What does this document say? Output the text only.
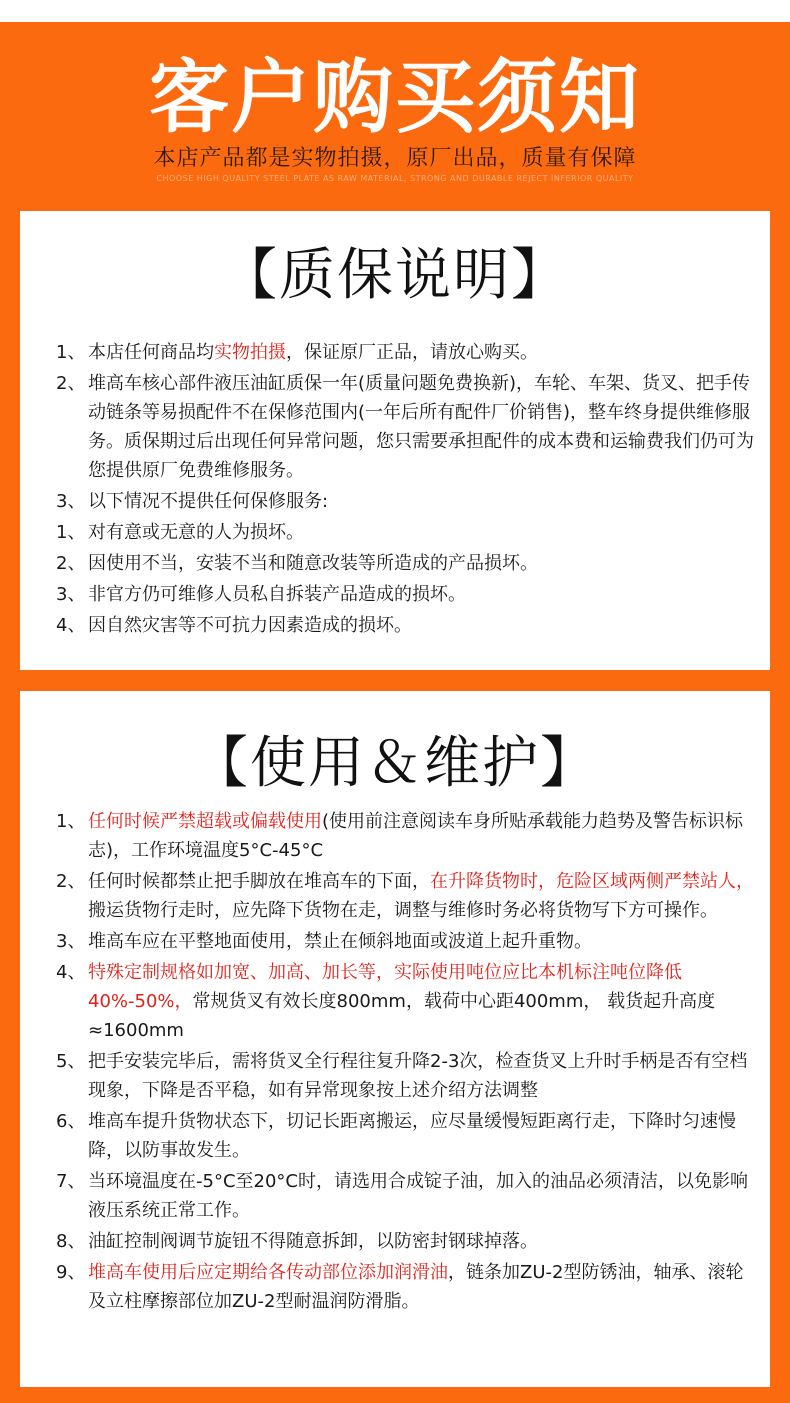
客户购买须知
本店产品都是实物拍摄，原厂出品，质量有保障
CHOOSE HIGH QUALITY STEEL PLATE AS RAW MATERIAL, STRONG AND DURABLE REJECT INFERIOR QUALITY
【质保说明】
1、 本店任何商品均实物拍摄，保证原厂正品，请放心购买。
2、 堆高车核心部件液压油缸质保一年(质量问题免费换新)，车轮、车架、货叉、把手传动链条等易损配件不在保修范围内(一年后所有配件厂价销售)，整车终身提供维修服务。质保期过后出现任何异常问题，您只需要承担配件的成本费和运输费我们仍可为您提供原厂免费维修服务。
3、 以下情况不提供任何保修服务:
1、 对有意或无意的人为损坏。
2、 因使用不当，安装不当和随意改装等所造成的产品损坏。
3、 非官方仍可维修人员私自拆装产品造成的损坏。
4、 因自然灾害等不可抗力因素造成的损坏。
【使用＆维护】
1、 任何时候严禁超载或偏载使用(使用前注意阅读车身所贴承载能力趋势及警告标识标志)，工作环境温度5°C-45°C
2、 任何时候都禁止把手脚放在堆高车的下面，在升降货物时，危险区域两侧严禁站人，搬运货物行走时，应先降下货物在走，调整与维修时务必将货物写下方可操作。
3、 堆高车应在平整地面使用，禁止在倾斜地面或波道上起升重物。
4、 特殊定制规格如加宽、加高、加长等，实际使用吨位应比本机标注吨位降低40%-50%，常规货叉有效长度800mm，载荷中心距400mm， 载货起升高度≈1600mm
5、 把手安装完毕后，需将货叉全行程往复升降2-3次，检查货叉上升时手柄是否有空档现象，下降是否平稳，如有异常现象按上述介绍方法调整
6、 堆高车提升货物状态下，切记长距离搬运，应尽量缓慢短距离行走，下降时匀速慢降，以防事故发生。
7、 当环境温度在-5°C至20°C时，请选用合成锭子油，加入的油品必须清洁，以免影响液压系统正常工作。
8、 油缸控制阀调节旋钮不得随意拆卸，以防密封钢球掉落。
9、 堆高车使用后应定期给各传动部位添加润滑油，链条加ZU-2型防锈油，轴承、滚轮及立柱摩擦部位加ZU-2型耐温润防滑脂。
